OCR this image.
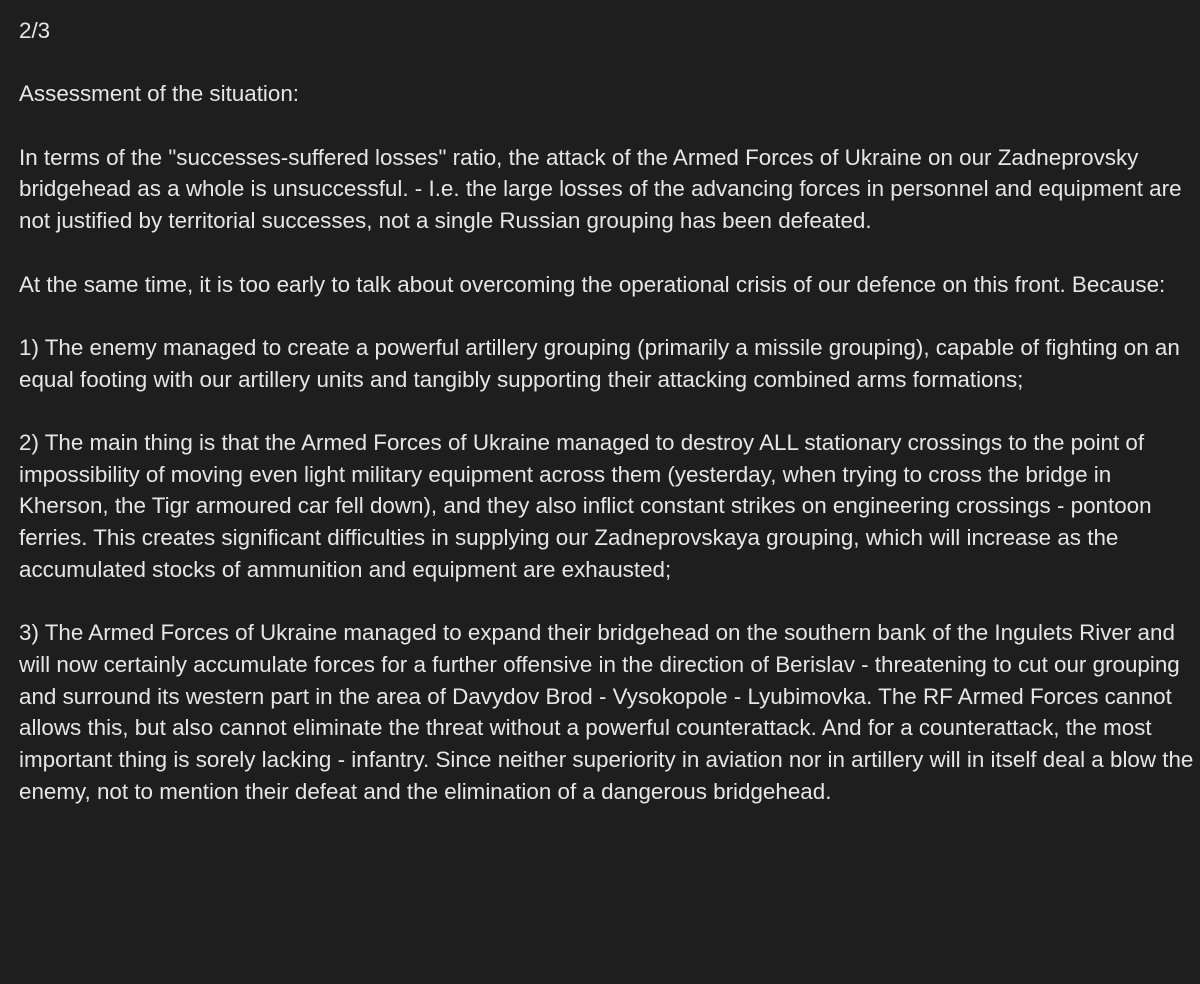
2/3

Assessment of the situation:

In terms of the "successes-suffered losses" ratio, the attack of the Armed Forces of Ukraine on our Zadneprovsky bridgehead as a whole is unsuccessful. - I.e. the large losses of the advancing forces in personnel and equipment are not justified by territorial successes, not a single Russian grouping has been defeated.

At the same time, it is too early to talk about overcoming the operational crisis of our defence on this front. Because:

1) The enemy managed to create a powerful artillery grouping (primarily a missile grouping), capable of fighting on an equal footing with our artillery units and tangibly supporting their attacking combined arms formations;

2) The main thing is that the Armed Forces of Ukraine managed to destroy ALL stationary crossings to the point of impossibility of moving even light military equipment across them (yesterday, when trying to cross the bridge in Kherson, the Tigr armoured car fell down), and they also inflict constant strikes on engineering crossings - pontoon ferries. This creates significant difficulties in supplying our Zadneprovskaya grouping, which will increase as the accumulated stocks of ammunition and equipment are exhausted;

3) The Armed Forces of Ukraine managed to expand their bridgehead on the southern bank of the Ingulets River and will now certainly accumulate forces for a further offensive in the direction of Berislav - threatening to cut our grouping and surround its western part in the area of Davydov Brod - Vysokopole - Lyubimovka. The RF Armed Forces cannot allows this, but also cannot eliminate the threat without a powerful counterattack. And for a counterattack, the most important thing is sorely lacking - infantry. Since neither superiority in aviation nor in artillery will in itself deal a blow the enemy, not to mention their defeat and the elimination of a dangerous bridgehead.
